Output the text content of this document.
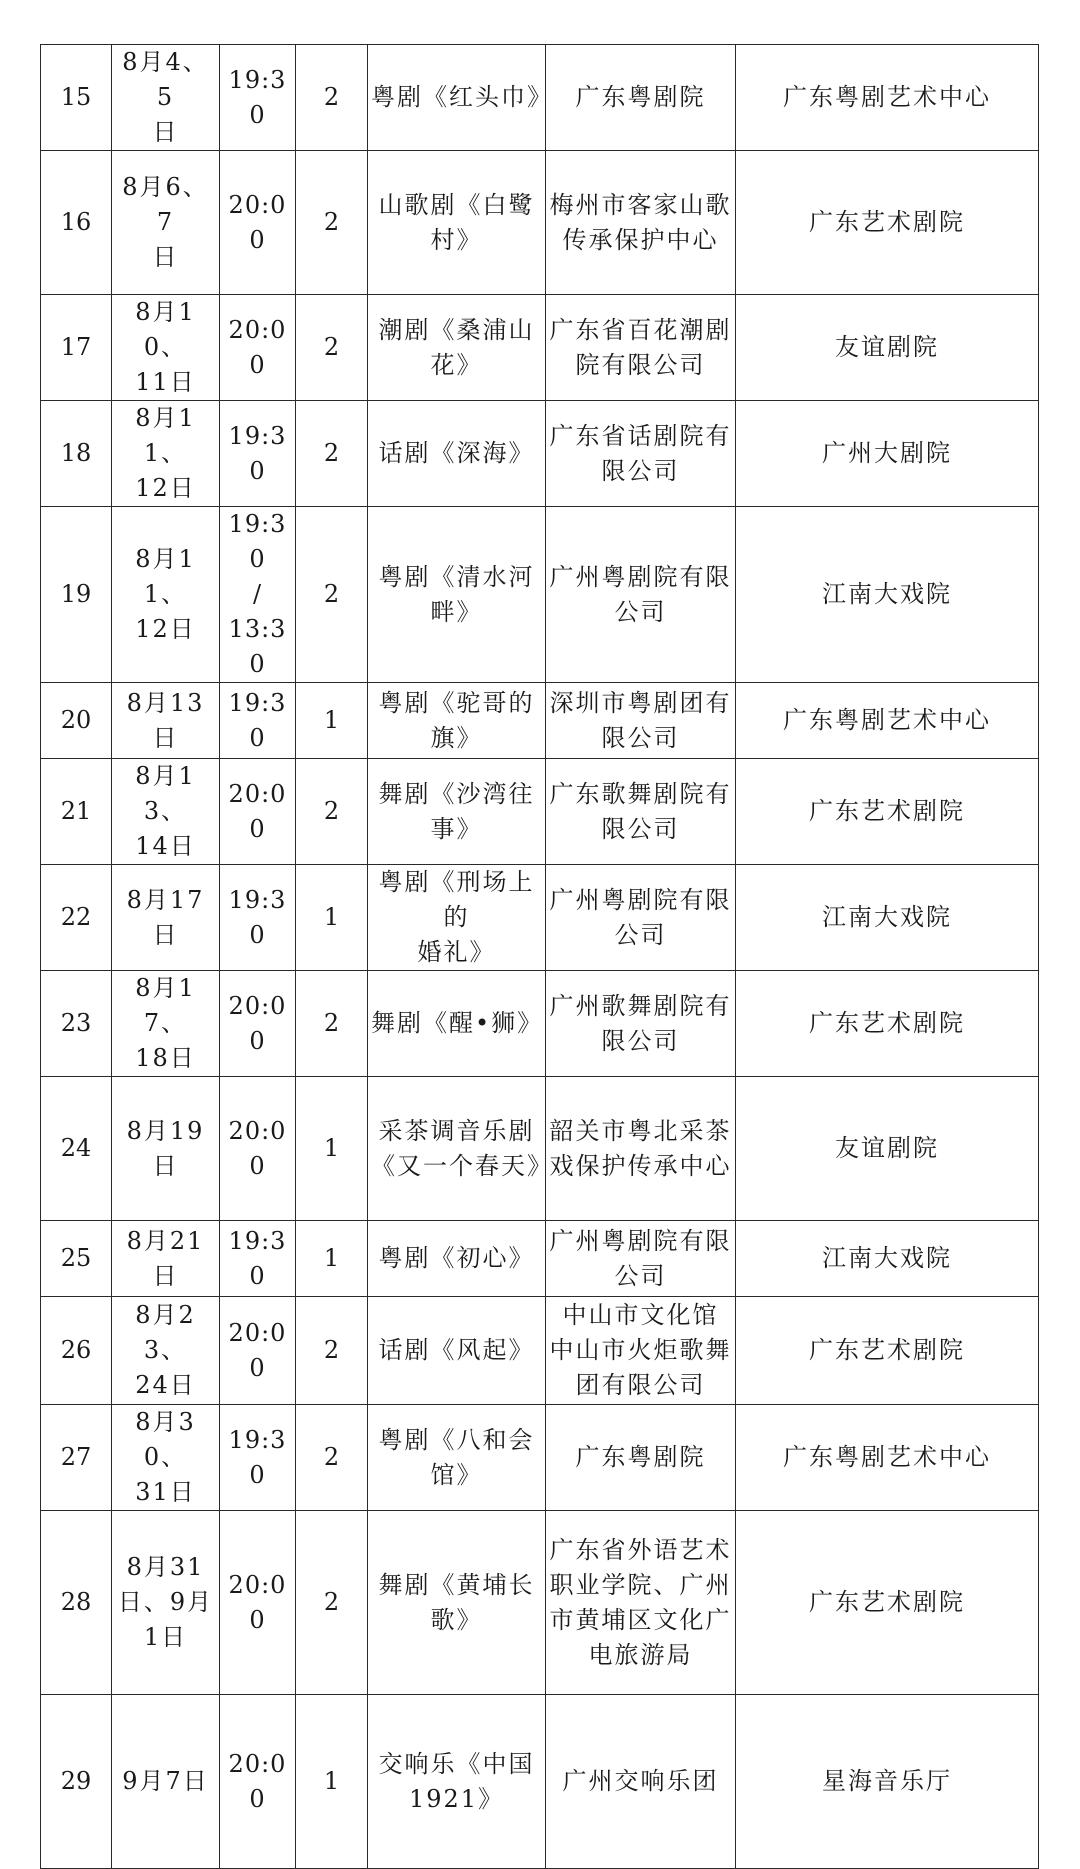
15	8月4、5
日	19:30	2	粤剧《红头巾》	广东粤剧院	广东粤剧艺术中心
16	8月6、7
日	20:00	2	山歌剧《白鹭
村》	梅州市客家山歌
传承保护中心	广东艺术剧院
17	8月10、
11日	20:00	2	潮剧《桑浦山
花》	广东省百花潮剧
院有限公司	友谊剧院
18	8月11、
12日	19:30	2	话剧《深海》	广东省话剧院有
限公司	广州大剧院
19	8月11、
12日	19:30
/
13:30	2	粤剧《清水河
畔》	广州粤剧院有限
公司	江南大戏院
20	8月13日	19:30	1	粤剧《驼哥的
旗》	深圳市粤剧团有
限公司	广东粤剧艺术中心
21	8月13、
14日	20:00	2	舞剧《沙湾往
事》	广东歌舞剧院有
限公司	广东艺术剧院
22	8月17日	19:30	1	粤剧《刑场上的
婚礼》	广州粤剧院有限
公司	江南大戏院
23	8月17、
18日	20:00	2	舞剧《醒•狮》	广州歌舞剧院有
限公司	广东艺术剧院
24	8月19日	20:00	1	采茶调音乐剧
《又一个春天》	韶关市粤北采茶
戏保护传承中心	友谊剧院
25	8月21日	19:30	1	粤剧《初心》	广州粤剧院有限
公司	江南大戏院
26	8月23、
24日	20:00	2	话剧《风起》	中山市文化馆
中山市火炬歌舞
团有限公司	广东艺术剧院
27	8月30、
31日	19:30	2	粤剧《八和会
馆》	广东粤剧院	广东粤剧艺术中心
28	8月31
日、9月
1日	20:00	2	舞剧《黄埔长
歌》	广东省外语艺术
职业学院、广州
市黄埔区文化广
电旅游局	广东艺术剧院
29	9月7日	20:00	1	交响乐《中国
1921》	广州交响乐团	星海音乐厅
